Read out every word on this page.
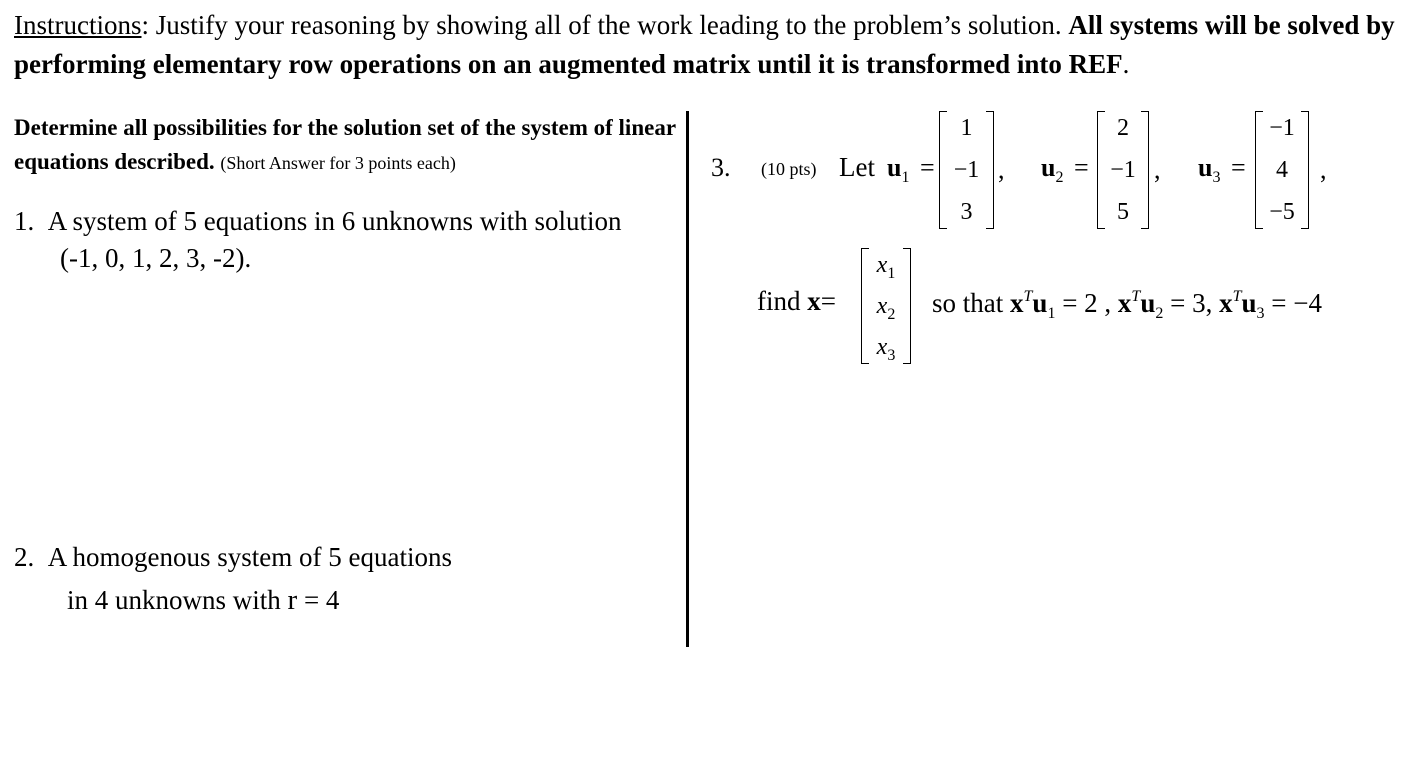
Instructions: Justify your reasoning by showing all of the work leading to the problem’s solution. All systems will be solved by performing elementary row operations on an augmented matrix until it is transformed into REF.
Determine all possibilities for the solution set of the system of linear equations described. (Short Answer for 3 points each)
1. A system of 5 equations in 6 unknowns with solution
(-1, 0, 1, 2, 3, -2).
2. A homogenous system of 5 equations
in 4 unknowns with r = 4
3. (10 pts) Let $u_1$ =
1
−1
3
, $u_2$ =
2
−1
5
, $u_3$ =
−1
4
−5
,
find x=
$x_1$
$x_2$
$x_3$
so that $x^Tu_1 = 2$ , $x^Tu_2 = 3$, $x^Tu_3 = -4$
